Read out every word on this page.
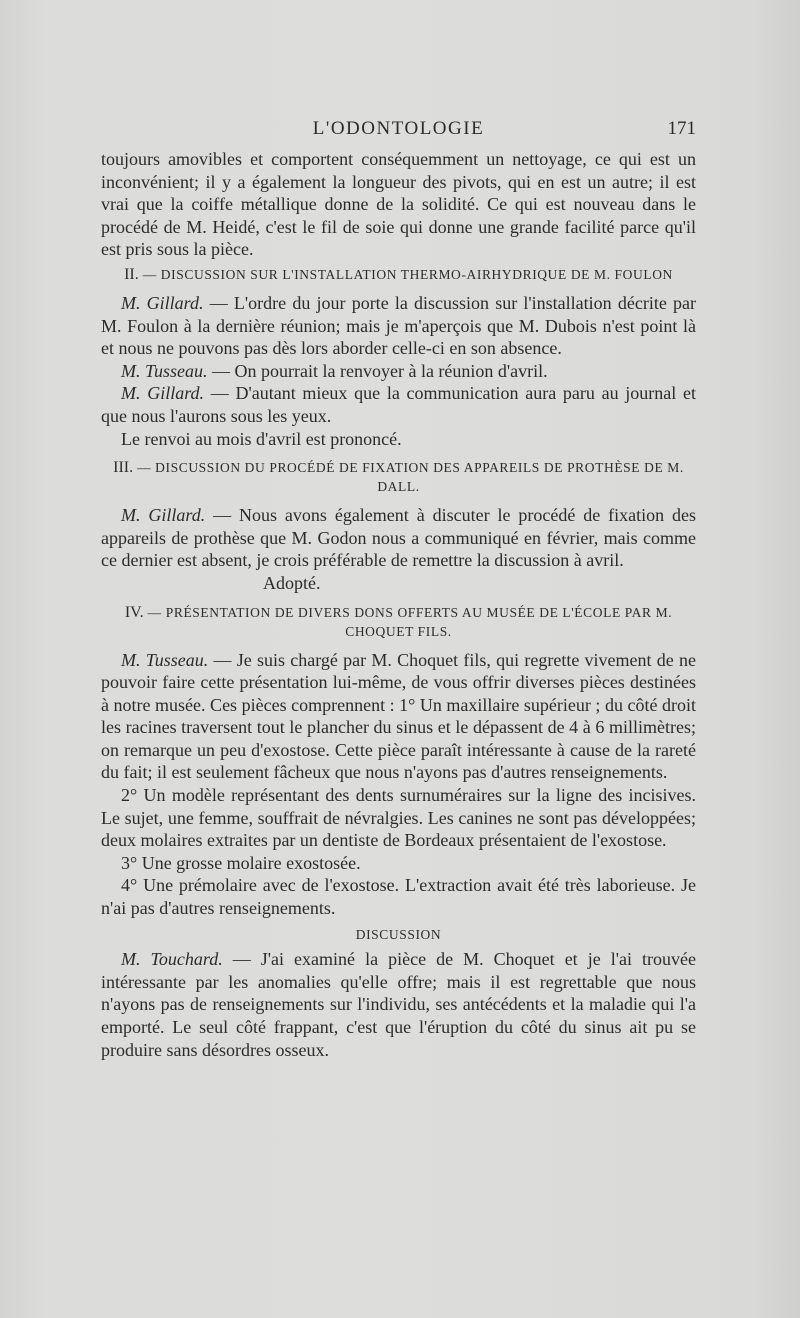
L'ODONTOLOGIE	171

toujours amovibles et comportent conséquemment un nettoyage, ce qui est un inconvénient; il y a également la longueur des pivots, qui en est un autre; il est vrai que la coiffe métallique donne de la solidité. Ce qui est nouveau dans le procédé de M. Heidé, c'est le fil de soie qui donne une grande facilité parce qu'il est pris sous la pièce.

II. — DISCUSSION SUR L'INSTALLATION THERMO-AIRHYDRIQUE DE M. FOULON

M. Gillard. — L'ordre du jour porte la discussion sur l'installation décrite par M. Foulon à la dernière réunion; mais je m'aperçois que M. Dubois n'est point là et nous ne pouvons pas dès lors aborder celle-ci en son absence.

M. Tusseau. — On pourrait la renvoyer à la réunion d'avril.

M. Gillard. — D'autant mieux que la communication aura paru au journal et que nous l'aurons sous les yeux.

Le renvoi au mois d'avril est prononcé.

III. — DISCUSSION DU PROCÉDÉ DE FIXATION DES APPAREILS DE PROTHÈSE DE M. DALL.

M. Gillard. — Nous avons également à discuter le procédé de fixation des appareils de prothèse que M. Godon nous a communiqué en février, mais comme ce dernier est absent, je crois préférable de remettre la discussion à avril.

Adopté.

IV. — PRÉSENTATION DE DIVERS DONS OFFERTS AU MUSÉE DE L'ÉCOLE PAR M. CHOQUET FILS.

M. Tusseau. — Je suis chargé par M. Choquet fils, qui regrette vivement de ne pouvoir faire cette présentation lui-même, de vous offrir diverses pièces destinées à notre musée. Ces pièces comprennent : 1° Un maxillaire supérieur ; du côté droit les racines traversent tout le plancher du sinus et le dépassent de 4 à 6 millimètres; on remarque un peu d'exostose. Cette pièce paraît intéressante à cause de la rareté du fait; il est seulement fâcheux que nous n'ayons pas d'autres renseignements.

2° Un modèle représentant des dents surnuméraires sur la ligne des incisives. Le sujet, une femme, souffrait de névralgies. Les canines ne sont pas développées; deux molaires extraites par un dentiste de Bordeaux présentaient de l'exostose.

3° Une grosse molaire exostosée.

4° Une prémolaire avec de l'exostose. L'extraction avait été très laborieuse. Je n'ai pas d'autres renseignements.

DISCUSSION

M. Touchard. — J'ai examiné la pièce de M. Choquet et je l'ai trouvée intéressante par les anomalies qu'elle offre; mais il est regrettable que nous n'ayons pas de renseignements sur l'individu, ses antécédents et la maladie qui l'a emporté. Le seul côté frappant, c'est que l'éruption du côté du sinus ait pu se produire sans désordres osseux.
